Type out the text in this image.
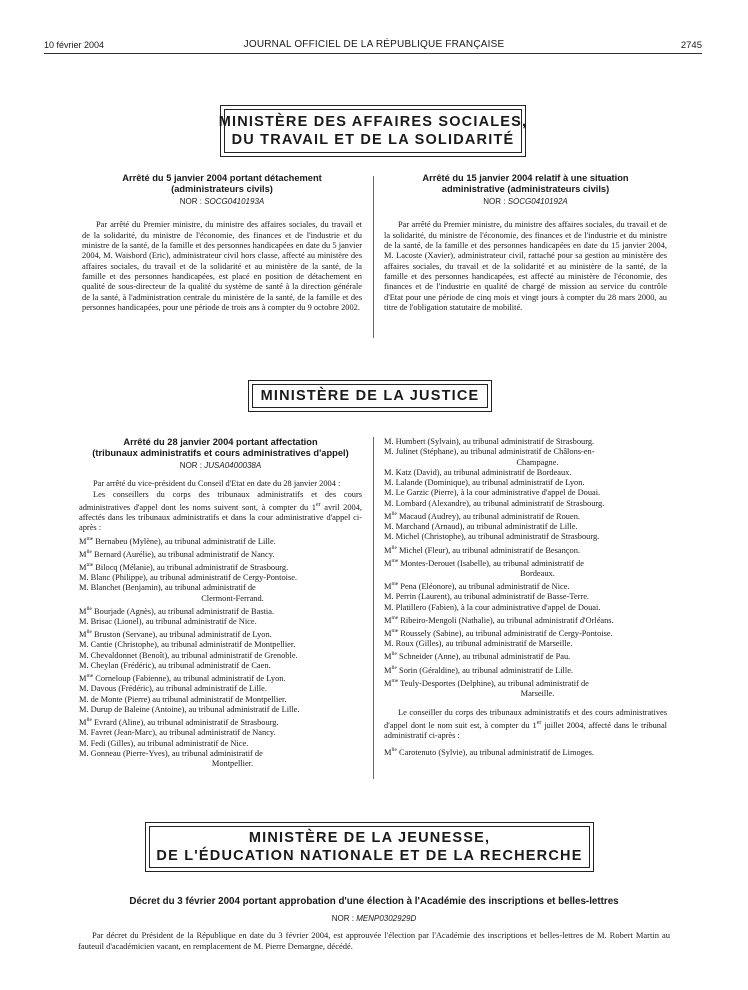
10 février 2004	JOURNAL OFFICIEL DE LA RÉPUBLIQUE FRANÇAISE	2745
MINISTÈRE DES AFFAIRES SOCIALES,
DU TRAVAIL ET DE LA SOLIDARITÉ

Arrêté du 5 janvier 2004 portant détachement

(administrateurs civils)

NOR : SOCG0410193A

Par arrêté du Premier ministre, du ministre des affaires sociales, du travail et de la solidarité, du ministre de l'économie, des finances et de l'industrie et du ministre de la santé, de la famille et des personnes handicapées en date du 5 janvier 2004, M. Waisbord (Eric), administrateur civil hors classe, affecté au ministère des affaires sociales, du travail et de la solidarité et au ministère de la santé, de la famille et des personnes handicapées, est placé en position de détachement en qualité de sous-directeur de la qualité du système de santé à la direction générale de la santé, à l'administration centrale du ministère de la santé, de la famille et des personnes handicapées, pour une période de trois ans à compter du 9 octobre 2002.

Arrêté du 15 janvier 2004 relatif à une situation

administrative (administrateurs civils)

NOR : SOCG0410192A

Par arrêté du Premier ministre, du ministre des affaires sociales, du travail et de la solidarité, du ministre de l'économie, des finances et de l'industrie et du ministre de la santé, de la famille et des personnes handicapées en date du 15 janvier 2004, M. Lacoste (Xavier), administrateur civil, rattaché pour sa gestion au ministère des affaires sociales, du travail et de la solidarité et au ministère de la santé, de la famille et des personnes handicapées, est affecté au ministère de l'économie, des finances et de l'industrie en qualité de chargé de mission au service du contrôle d'Etat pour une période de cinq mois et vingt jours à compter du 28 mars 2000, au titre de l'obligation statutaire de mobilité.

MINISTÈRE DE LA JUSTICE

Arrêté du 28 janvier 2004 portant affectation

(tribunaux administratifs et cours administratives d'appel)

NOR : JUSA0400038A

Par arrêté du vice-président du Conseil d'Etat en date du 28 janvier 2004 :

Les conseillers du corps des tribunaux administratifs et des cours administratives d'appel dont les noms suivent sont, à compter du 1er avril 2004, affectés dans les tribunaux administratifs et dans la cour administrative d'appel ci-après :

$M^{me}$ Bernabeu (Mylène), au tribunal administratif de Lille.
$M^{lle}$ Bernard (Aurélie), au tribunal administratif de Nancy.
$M^{me}$ Bilocq (Mélanie), au tribunal administratif de Strasbourg.
M. Blanc (Philippe), au tribunal administratif de Cergy-Pontoise.
M. Blanchet (Benjamin), au tribunal administratif de
Clermont-Ferrand.
$M^{lle}$ Bourjade (Agnès), au tribunal administratif de Bastia.
M. Brisac (Lionel), au tribunal administratif de Nice.
$M^{lle}$ Bruston (Servane), au tribunal administratif de Lyon.
M. Cantie (Christophe), au tribunal administratif de Montpellier.
M. Chevaldonnet (Benoît), au tribunal administratif de Grenoble.
M. Cheylan (Frédéric), au tribunal administratif de Caen.
$M^{me}$ Corneloup (Fabienne), au tribunal administratif de Lyon.
M. Davous (Frédéric), au tribunal administratif de Lille.
M. de Monte (Pierre) au tribunal administratif de Montpellier.
M. Durup de Baleine (Antoine), au tribunal administratif de Lille.
$M^{lle}$ Evrard (Aline), au tribunal administratif de Strasbourg.
M. Favret (Jean-Marc), au tribunal administratif de Nancy.
M. Fedi (Gilles), au tribunal administratif de Nice.
M. Gonneau (Pierre-Yves), au tribunal administratif de
Montpellier.
M. Humbert (Sylvain), au tribunal administratif de Strasbourg.
M. Julinet (Stéphane), au tribunal administratif de Châlons-en-
Champagne.
M. Katz (David), au tribunal administratif de Bordeaux.
M. Lalande (Dominique), au tribunal administratif de Lyon.
M. Le Garzic (Pierre), à la cour administrative d'appel de Douai.
M. Lombard (Alexandre), au tribunal administratif de Strasbourg.
$M^{lle}$ Macaud (Audrey), au tribunal administratif de Rouen.
M. Marchand (Arnaud), au tribunal administratif de Lille.
M. Michel (Christophe), au tribunal administratif de Strasbourg.
$M^{lle}$ Michel (Fleur), au tribunal administratif de Besançon.
$M^{me}$ Montes-Derouet (Isabelle), au tribunal administratif de
Bordeaux.
$M^{me}$ Pena (Eléonore), au tribunal administratif de Nice.
M. Perrin (Laurent), au tribunal administratif de Basse-Terre.
M. Platillero (Fabien), à la cour administrative d'appel de Douai.
$M^{me}$ Ribeiro-Mengoli (Nathalie), au tribunal administratif d'Orléans.
$M^{me}$ Roussely (Sabine), au tribunal administratif de Cergy-Pontoise.
M. Roux (Gilles), au tribunal administratif de Marseille.
$M^{lle}$ Schneider (Anne), au tribunal administratif de Pau.
$M^{lle}$ Sorin (Géraldine), au tribunal administratif de Lille.
$M^{me}$ Teuly-Desportes (Delphine), au tribunal administratif de
Marseille.

Le conseiller du corps des tribunaux administratifs et des cours administratives d'appel dont le nom suit est, à compter du 1er juillet 2004, affecté dans le tribunal administratif ci-après :

$M^{lle}$ Carotenuto (Sylvie), au tribunal administratif de Limoges.
MINISTÈRE DE LA JEUNESSE,
DE L'ÉDUCATION NATIONALE ET DE LA RECHERCHE
Décret du 3 février 2004 portant approbation d'une élection à l'Académie des inscriptions et belles-lettres
NOR : MENP0302929D
Par décret du Président de la République en date du 3 février 2004, est approuvée l'élection par l'Académie des inscriptions et belles-lettres de M. Robert Martin au fauteuil d'académicien vacant, en remplacement de M. Pierre Demargne, décédé.
